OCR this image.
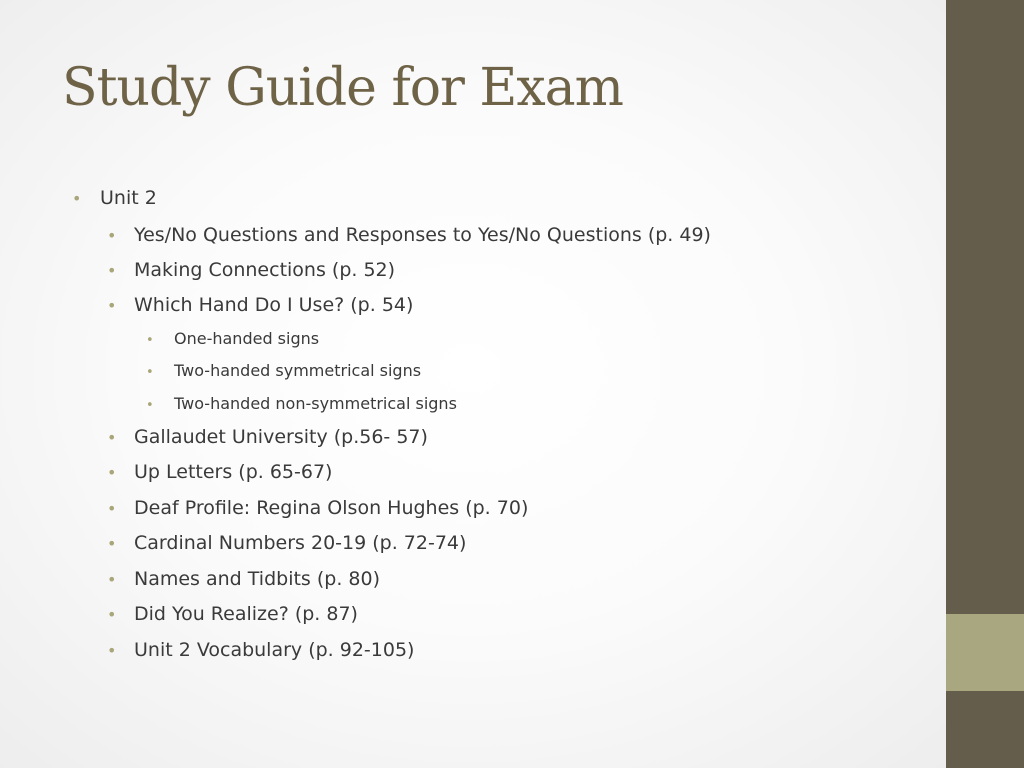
Study Guide for Exam
• Unit 2
• Yes/No Questions and Responses to Yes/No Questions (p. 49)
• Making Connections (p. 52)
• Which Hand Do I Use? (p. 54)
•	One-handed signs
•	Two-handed symmetrical signs
•	Two-handed non-symmetrical signs
• Gallaudet University (p.56- 57)
• Up Letters (p. 65-67)
• Deaf Profile: Regina Olson Hughes (p. 70)
• Cardinal Numbers 20-19 (p. 72-74)
• Names and Tidbits (p. 80)
• Did You Realize? (p. 87)
• Unit 2 Vocabulary (p. 92-105)
